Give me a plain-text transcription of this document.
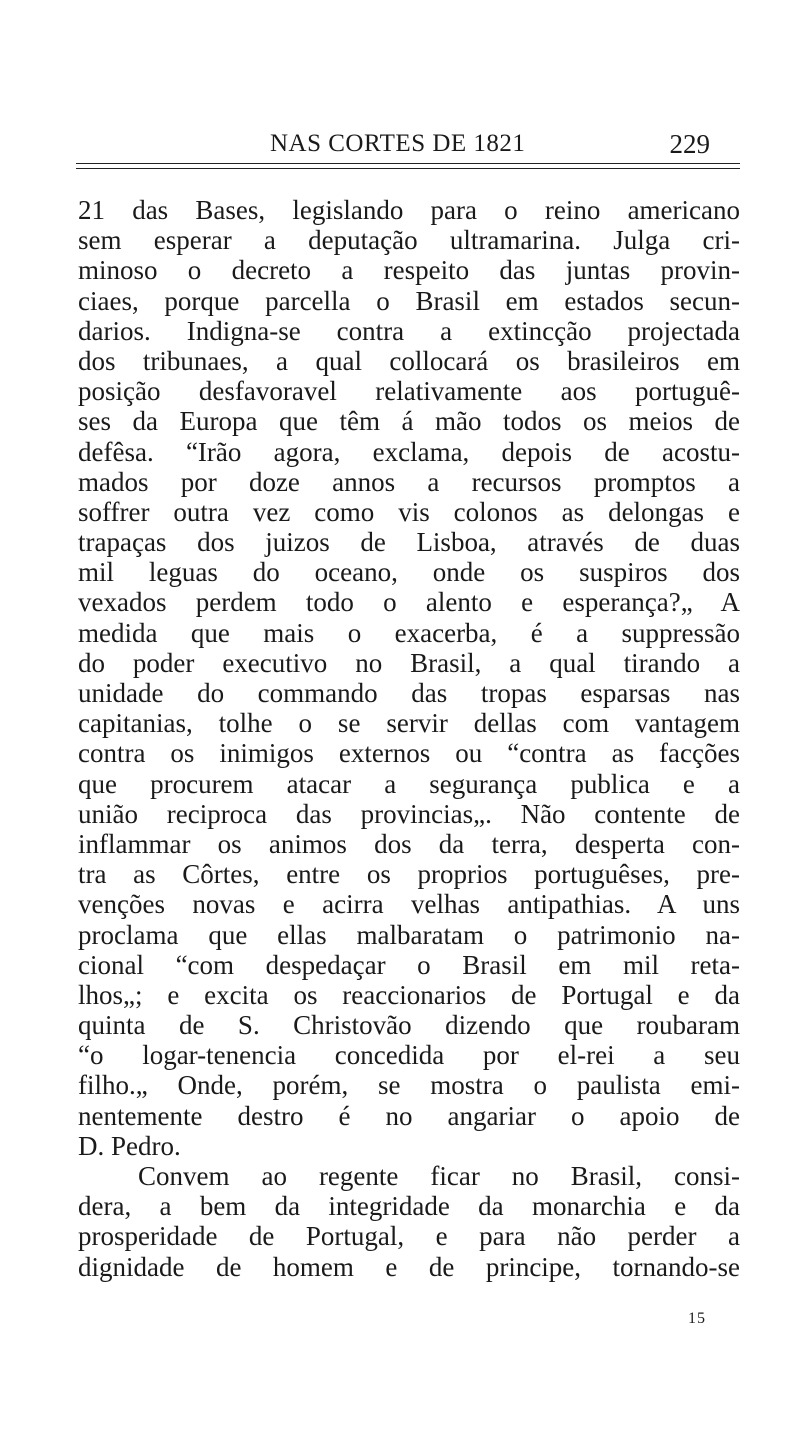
NAS CORTES DE 1821	229
21 das Bases, legislando para o reino americano
sem esperar a deputação ultramarina. Julga cri-
minoso o decreto a respeito das juntas provin-
ciaes, porque parcella o Brasil em estados secun-
darios. Indigna-se contra a extincção projectada
dos tribunaes, a qual collocará os brasileiros em
posição desfavoravel relativamente aos portuguê-
ses da Europa que têm á mão todos os meios de
defêsa. “Irão agora, exclama, depois de acostu-
mados por doze annos a recursos promptos a
soffrer outra vez como vis colonos as delongas e
trapaças dos juizos de Lisboa, através de duas
mil leguas do oceano, onde os suspiros dos
vexados perdem todo o alento e esperança?„ A
medida que mais o exacerba, é a suppressão
do poder executivo no Brasil, a qual tirando a
unidade do commando das tropas esparsas nas
capitanias, tolhe o se servir dellas com vantagem
contra os inimigos externos ou “contra as facções
que procurem atacar a segurança publica e a
união reciproca das provincias„. Não contente de
inflammar os animos dos da terra, desperta con-
tra as Côrtes, entre os proprios portuguêses, pre-
venções novas e acirra velhas antipathias. A uns
proclama que ellas malbaratam o patrimonio na-
cional “com despedaçar o Brasil em mil reta-
lhos„; e excita os reaccionarios de Portugal e da
quinta de S. Christovão dizendo que roubaram
“o logar-tenencia concedida por el-rei a seu
filho.„ Onde, porém, se mostra o paulista emi-
nentemente destro é no angariar o apoio de
D. Pedro.
Convem ao regente ficar no Brasil, consi-
dera, a bem da integridade da monarchia e da
prosperidade de Portugal, e para não perder a
dignidade de homem e de principe, tornando-se
15
